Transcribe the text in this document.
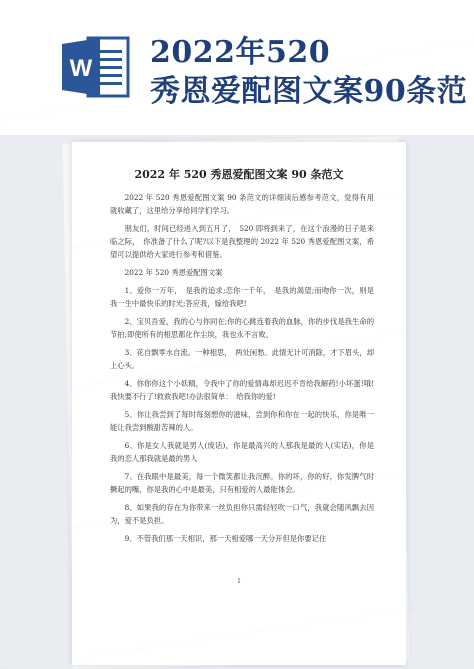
W 2022年520
秀恩爱配图文案90条范
2022 年 520 秀恩爱配图文案 90 条范文

2022 年 520 秀恩爱配图文案 90 条范文的详细读后感参考范文，觉得有用就收藏了，这里给分享给同学们学习。

朋友们，时间已经进入到五月了，　520 即将到来了，在这个浪漫的日子是来临之际，　你准备了什么了呢?以下是我整理的 2022 年 520 秀恩爱配图文案，希望可以提供给大家进行参考和借鉴。

2022 年 520 秀恩爱配图文案

1、爱你一万年，　是我的追求;恋你一千年，　是我的渴望;而吻你一次，则是我一生中最快乐的时光;答应我，嫁给我吧!

2、宝贝吾爱，我的心与你同在;你的心跳连着我的血脉，你的步伐是我生命的节拍;即使所有的相思都化作尘埃，我也永不言败。

3、花自飘零水自流。一种相思，　两处闲愁。此情无计可消除，才下眉头，却上心头。

4、你你你这个小妖精，令我中了你的爱情毒却迟迟不肯给我解药!小坏蛋!哦!我快要不行了!救救我吧!办法很简单：　给我你的爱!

5、你让我尝到了每时每刻想你的滋味，尝到你和你在一起的快乐，你是唯一能让我尝到酸甜苦辣的人。

6、你是女人我就是男人(废话)，你是最高兴的人那我是最的人(实话)，你是我的恋人那我就是最的男人

7、在我眼中是最美，每一个微笑都让我沉醉。你的坏，你的好，你发脾气时撅起的嘴，你是我的心中是最美，只有相爱的人最能体会。

8、如果我的存在为你带来一丝负担你只需轻轻吹一口气，我就会随风飘去因为，爱不是负担。

9、不管我们那一天相识，那一天相爱哪一天分开但是你要记住

1
